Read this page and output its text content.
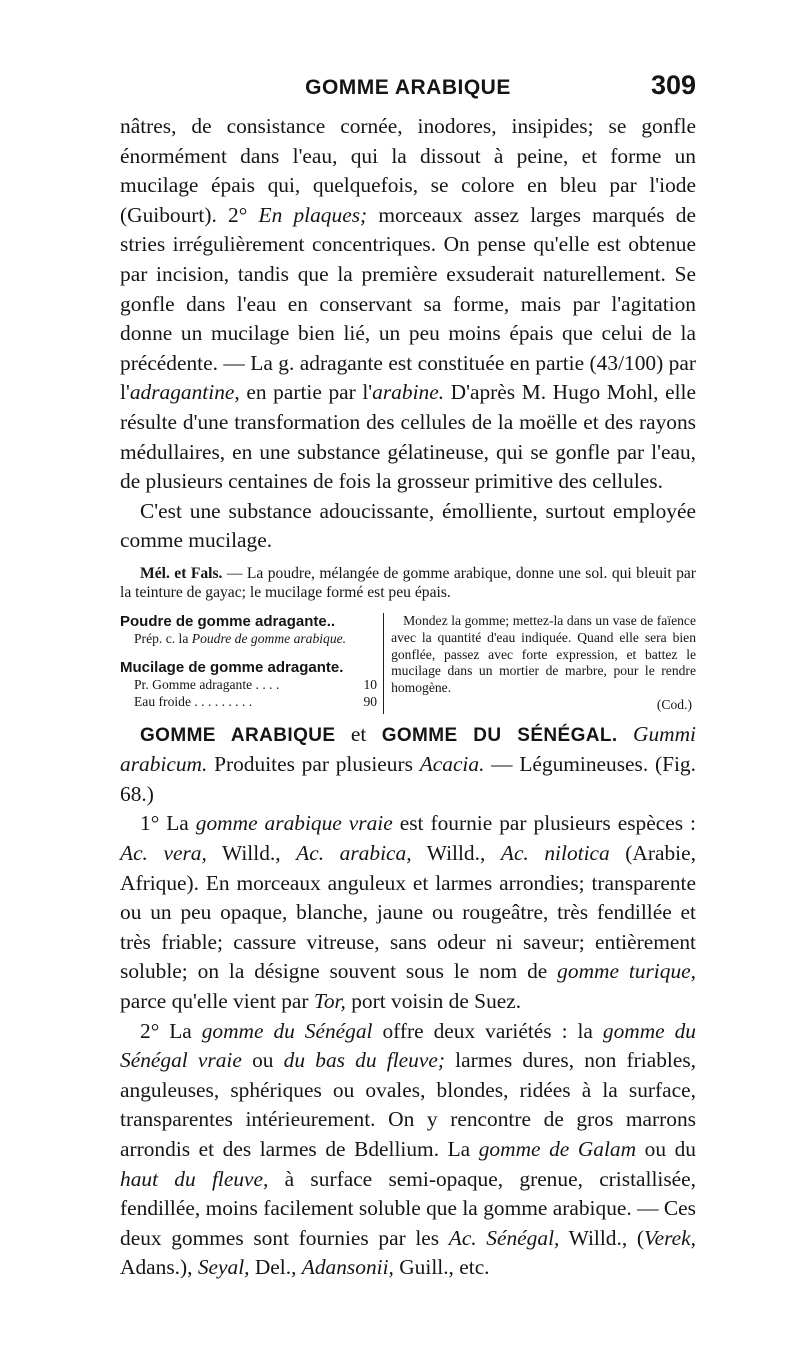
GOMME ARABIQUE	309

nâtres, de consistance cornée, inodores, insipides; se gonfle énormément dans l'eau, qui la dissout à peine, et forme un mucilage épais qui, quelquefois, se colore en bleu par l'iode (Guibourt). 2° En plaques; morceaux assez larges marqués de stries irrégulièrement concentriques. On pense qu'elle est obtenue par incision, tandis que la première exsuderait naturellement. Se gonfle dans l'eau en conservant sa forme, mais par l'agitation donne un mucilage bien lié, un peu moins épais que celui de la précédente. — La g. adragante est constituée en partie (43/100) par l'adragantine, en partie par l'arabine. D'après M. Hugo Mohl, elle résulte d'une transformation des cellules de la moëlle et des rayons médullaires, en une substance gélatineuse, qui se gonfle par l'eau, de plusieurs centaines de fois la grosseur primitive des cellules.

C'est une substance adoucissante, émolliente, surtout employée comme mucilage.

Mél. et Fals. — La poudre, mélangée de gomme arabique, donne une sol. qui bleuit par la teinture de gayac; le mucilage formé est peu épais.

Poudre de gomme adragante..
Prép. c. la Poudre de gomme arabique.
Mucilage de gomme adragante.
Pr. Gomme adragante . . . .	10
Eau froide . . . . . . . . .	90
Mondez la gomme; mettez-la dans un vase de faïence avec la quantité d'eau indiquée. Quand elle sera bien gonflée, passez avec forte expression, et battez le mucilage dans un mortier de marbre, pour le rendre homogène.
(Cod.)

GOMME ARABIQUE et GOMME DU SÉNÉGAL. Gummi arabicum. Produites par plusieurs Acacia. — Légumineuses. (Fig. 68.)

1° La gomme arabique vraie est fournie par plusieurs espèces : Ac. vera, Willd., Ac. arabica, Willd., Ac. nilotica (Arabie, Afrique). En morceaux anguleux et larmes arrondies; transparente ou un peu opaque, blanche, jaune ou rougeâtre, très fendillée et très friable; cassure vitreuse, sans odeur ni saveur; entièrement soluble; on la désigne souvent sous le nom de gomme turique, parce qu'elle vient par Tor, port voisin de Suez.

2° La gomme du Sénégal offre deux variétés : la gomme du Sénégal vraie ou du bas du fleuve; larmes dures, non friables, anguleuses, sphériques ou ovales, blondes, ridées à la surface, transparentes intérieurement. On y rencontre de gros marrons arrondis et des larmes de Bdellium. La gomme de Galam ou du haut du fleuve, à surface semi-opaque, grenue, cristallisée, fendillée, moins facilement soluble que la gomme arabique. — Ces deux gommes sont fournies par les Ac. Sénégal, Willd., (Verek, Adans.), Seyal, Del., Adansonii, Guill., etc.
